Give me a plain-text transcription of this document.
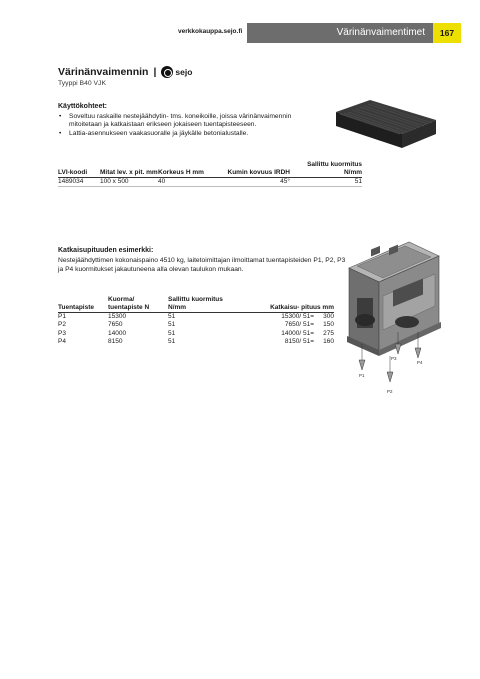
verkkokauppa.sejo.fi	Värinänvaimentimet	167
Värinänvaimennin | sejo
Tyyppi B40 VJK
Käyttökohteet:
• Soveltuu raskaille nestejäähdytin- tms. koneikoille, joissa värinänvaimennin mitoitetaan ja katkaistaan erikseen jokaiseen tuentapisteeseen.
• Lattia-asennukseen vaakasuoralle ja jäykälle betonialustalle.
LVI-koodi	Mitat lev. x pit. mm	Korkeus H mm	Kumin kovuus IRDH	Sallittu kuormitus N/mm
1489034	100 x 500	40	45°	51
Katkaisupituuden esimerkki:
Nestejäähdyttimen kokonaispaino 4510 kg, laitetoimittajan ilmoittamat tuentapisteiden P1, P2, P3 ja P4 kuormitukset jakautuneena alla olevan taulukon mukaan.
Tuentapiste	Kuorma/ tuentapiste N	Sallittu kuormitus N/mm	Katkaisu- pituus mm	
P1	15300	51	15300/ 51=	300
P2	7650	51	7650/ 51=	150
P3	14000	51	14000/ 51=	275
P4	8150	51	8150/ 51=	160
P1
P2
P3
P4
